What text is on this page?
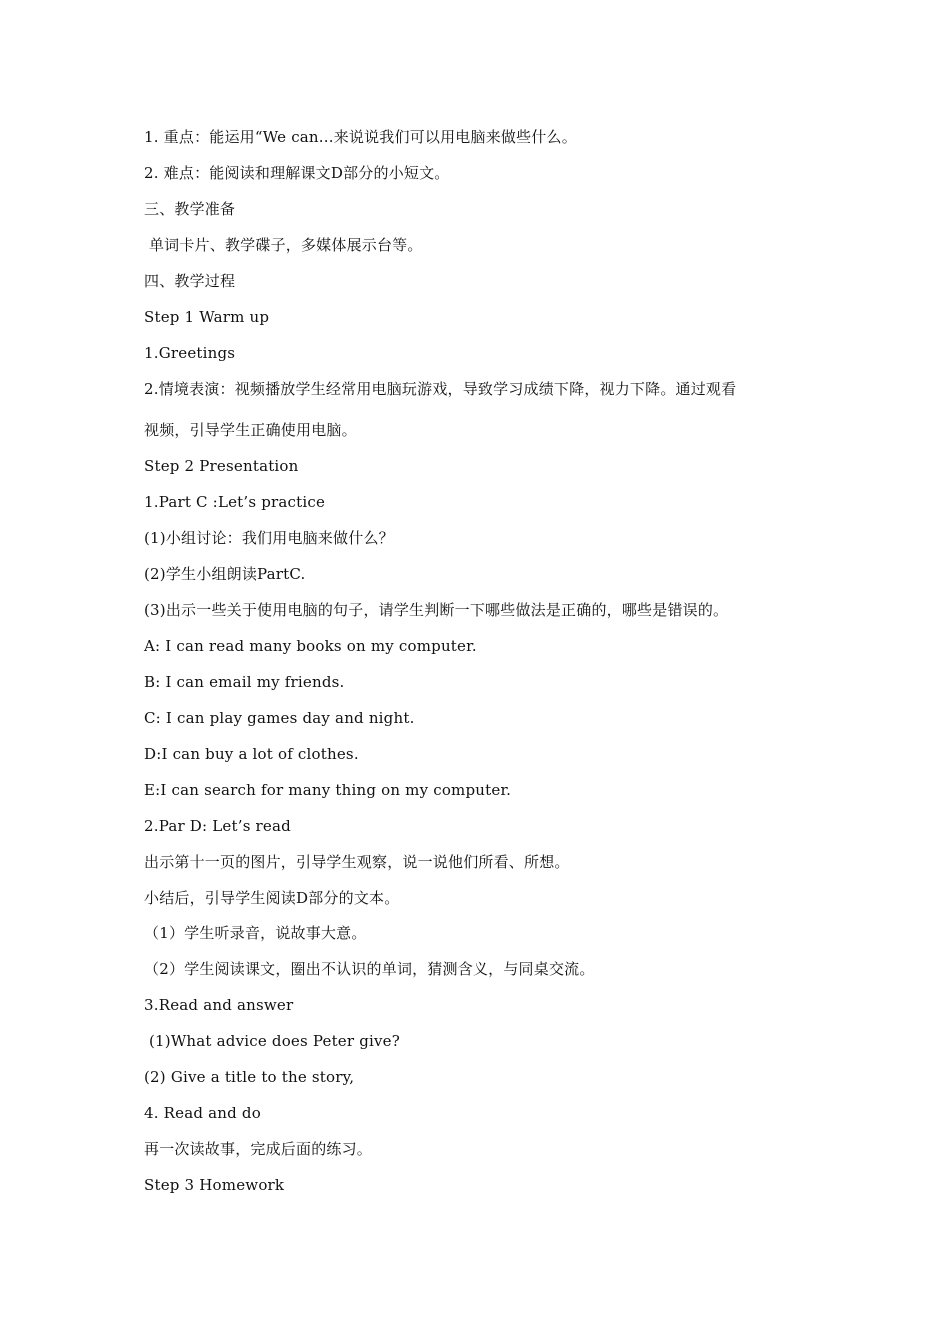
1. 重点：能运用“We can...来说说我们可以用电脑来做些什么。
2. 难点：能阅读和理解课文D部分的小短文。
三、教学准备
单词卡片、教学碟子，多媒体展示台等。
四、教学过程
Step 1 Warm up
1.Greetings
2.情境表演：视频播放学生经常用电脑玩游戏，导致学习成绩下降，视力下降。通过观看
视频，引导学生正确使用电脑。
Step 2 Presentation
1.Part C :Let’s practice
(1)小组讨论：我们用电脑来做什么？
(2)学生小组朗读PartC.
(3)出示一些关于使用电脑的句子，请学生判断一下哪些做法是正确的，哪些是错误的。
A: I can read many books on my computer.
B: I can email my friends.
C: I can play games day and night.
D:I can buy a lot of clothes.
E:I can search for many thing on my computer.
2.Par D: Let’s read
出示第十一页的图片，引导学生观察，说一说他们所看、所想。
小结后，引导学生阅读D部分的文本。
（1）学生听录音，说故事大意。
（2）学生阅读课文，圈出不认识的单词，猜测含义，与同桌交流。
3.Read and answer
(1)What advice does Peter give?
(2) Give a title to the story,
4. Read and do
再一次读故事，完成后面的练习。
Step 3 Homework
